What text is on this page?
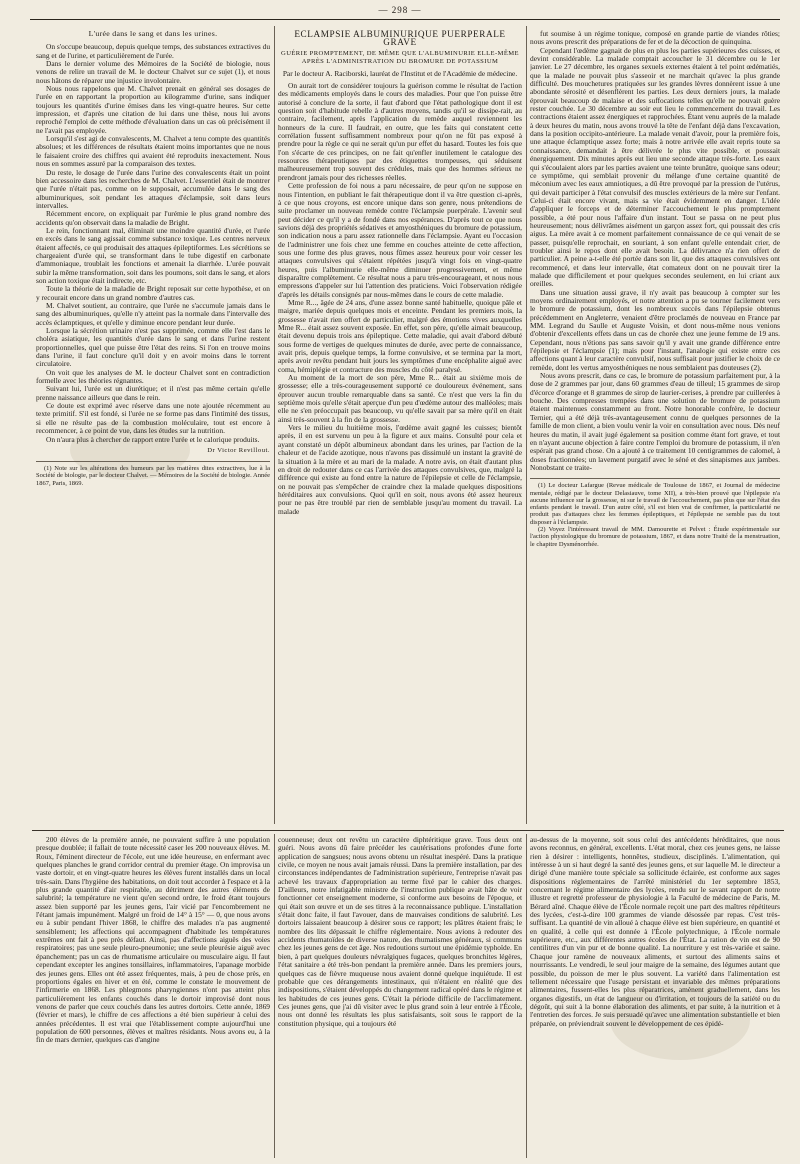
— 298 —
L'urée dans le sang et dans les urines.

On s'occupe beaucoup, depuis quelque temps, des substances extractives du sang et de l'urine, et particulièrement de l'urée.

Dans le dernier volume des Mémoires de la Société de biologie, nous venons de relire un travail de M. le docteur Chalvet sur ce sujet (1), et nous nous hâtons de réparer une injustice involontaire.

Nous nous rappelons que M. Chalvet prenait en général ses dosages de l'urée en en rapportant la proportion au kilogramme d'urine, sans indiquer toujours les quantités d'urine émises dans les vingt-quatre heures. Sur cette impression, et d'après une citation de lui dans une thèse, nous lui avons reproché l'emploi de cette méthode d'évaluation dans un cas où précisément il ne l'avait pas employée.

Lorsqu'il s'est agi de convalescents, M. Chalvet a tenu compte des quantités absolues; et les différences de résultats étaient moins importantes que ne nous le faisaient croire des chiffres qui avaient été reproduits inexactement. Nous nous en sommes assuré par la comparaison des textes.

Du reste, le dosage de l'urée dans l'urine des convalescents était un point bien accessoire dans les recherches de M. Chalvet. L'essentiel était de montrer que l'urée n'était pas, comme on le supposait, accumulée dans le sang des albuminuriques, soit pendant les attaques d'éclampsie, soit dans leurs intervalles.

Récemment encore, on expliquait par l'urémie le plus grand nombre des accidents qu'on observait dans la maladie de Bright.

Le rein, fonctionnant mal, éliminait une moindre quantité d'urée, et l'urée en excès dans le sang agissait comme substance toxique. Les centres nerveux étaient affectés, ce qui produisait des attaques épileptiformes. Les sécrétions se chargeaient d'urée qui, se transformant dans le tube digestif en carbonate d'ammoniaque, troublait les fonctions et amenait la diarrhée. L'urée pouvait subir la même transformation, soit dans les poumons, soit dans le sang, et alors son action toxique était indirecte, etc.

Toute la théorie de la maladie de Bright reposait sur cette hypothèse, et on y recourait encore dans un grand nombre d'autres cas.

M. Chalvet soutient, au contraire, que l'urée ne s'accumule jamais dans le sang des albuminuriques, qu'elle n'y atteint pas la normale dans l'intervalle des accès éclamptiques, et qu'elle y diminue encore pendant leur durée.

Lorsque la sécrétion urinaire n'est pas supprimée, comme elle l'est dans le choléra asiatique, les quantités d'urée dans le sang et dans l'urine restent proportionnelles, quel que puisse être l'état des reins. Si l'on en trouve moins dans l'urine, il faut conclure qu'il doit y en avoir moins dans le torrent circulatoire.

On voit que les analyses de M. le docteur Chalvet sont en contradiction formelle avec les théories régnantes.

Suivant lui, l'urée est un diurétique; et il n'est pas même certain qu'elle prenne naissance ailleurs que dans le rein.

Ce doute est exprimé avec réserve dans une note ajoutée récemment au texte primitif. S'il est fondé, si l'urée ne se forme pas dans l'intimité des tissus, si elle ne résulte pas de la combustion moléculaire, tout est encore à recommencer, à ce point de vue, dans les études sur la nutrition.

On n'aura plus à chercher de rapport entre l'urée et le calorique produits.

Dr Victor Revillout.

(1) Note sur les altérations des humeurs par les matières dites extractives, lue à la Société de biologie, par le docteur Chalvet. — Mémoires de la Société de biologie. Année 1867, Paris, 1869.

ÉCLAMPSIE ALBUMINURIQUE PUERPÉRALE GRAVE
GUÉRIE PROMPTEMENT, DE MÊME QUE L'ALBUMINURIE ELLE-MÊME APRÈS L'ADMINISTRATION DU BROMURE DE POTASSIUM
Par le docteur A. Raciborski, lauréat de l'Institut et de l'Académie de médecine.

On aurait tort de considérer toujours la guérison comme le résultat de l'action des médicaments employés dans le cours des maladies. Pour que l'on puisse être autorisé à conclure de la sorte, il faut d'abord que l'état pathologique dont il est question soit d'habitude rebelle à d'autres moyens, tandis qu'il se dissipe-rait, au contraire, facilement, après l'application du remède auquel reviennent les honneurs de la cure. Il faudrait, en outre, que les faits qui constatent cette corrélation fussent suffisamment nombreux pour qu'on ne fût pas exposé à prendre pour la règle ce qui ne serait qu'un pur effet du hasard. Toutes les fois que l'on s'écarte de ces principes, on ne fait qu'enfler inutilement le catalogue des ressources thérapeutiques par des étiquettes trompeuses, qui séduisent malheureusement trop souvent des crédules, mais que des hommes sérieux ne prendront jamais pour des richesses réelles.

Cette profession de foi nous a paru nécessaire, de peur qu'on ne suppose en nous l'intention, en publiant le fait thérapeutique dont il va être question ci-après, à ce que nous croyons, est encore unique dans son genre, nous prétendions de suite proclamer un nouveau remède contre l'éclampsie puerpérale. L'avenir seul peut décider ce qu'il y a de fondé dans nos espérances. D'après tout ce que nous savions déjà des propriétés sédatives et amyosthéniques du bromure de potassium, son indication nous a paru assez rationnelle dans l'éclampsie. Ayant eu l'occasion de l'administrer une fois chez une femme en couches atteinte de cette affection, sous une forme des plus graves, nous fûmes assez heureux pour voir cesser les attaques convulsives qui s'étaient répétées jusqu'à vingt fois en vingt-quatre heures, puis l'albuminurie elle-même diminuer progressivement, et même disparaître complètement. Ce résultat nous a paru très-encourageant, et nous nous empressons d'appeler sur lui l'attention des praticiens. Voici l'observation rédigée d'après les détails consignés par nous-mêmes dans le cours de cette maladie.

Mme R..., âgée de 24 ans, d'une assez bonne santé habituelle, quoique pâle et maigre, mariée depuis quelques mois et enceinte. Pendant les premiers mois, la grossesse n'avait rien offert de particulier, malgré des émotions vives auxquelles Mme R... était assez souvent exposée. En effet, son père, qu'elle aimait beaucoup, était devenu depuis trois ans épileptique. Cette maladie, qui avait d'abord débuté sous forme de vertiges de quelques minutes de durée, avec perte de connaissance, avait pris, depuis quelque temps, la forme convulsive, et se termina par la mort, après avoir revêtu pendant huit jours les symptômes d'une encéphalite aiguë avec coma, hémiplégie et contracture des muscles du côté paralysé.

Au moment de la mort de son père, Mme R... était au sixième mois de grossesse; elle a très-courageusement supporté ce douloureux événement, sans éprouver aucun trouble remarquable dans sa santé. Ce n'est que vers la fin du septième mois qu'elle s'était aperçue d'un peu d'œdème autour des malléoles; mais elle ne s'en préoccupait pas beaucoup, vu qu'elle savait par sa mère qu'il en était ainsi très-souvent à la fin de la grossesse.

Vers le milieu du huitième mois, l'œdème avait gagné les cuisses; bientôt après, il en est survenu un peu à la figure et aux mains. Consulté pour cela et ayant constaté un dépôt albumineux abondant dans les urines, par l'action de la chaleur et de l'acide azotique, nous n'avons pas dissimulé un instant la gravité de la situation à la mère et au mari de la malade. A notre avis, on était d'autant plus en droit de redouter dans ce cas l'arrivée des attaques convulsives, que, malgré la différence qui existe au fond entre la nature de l'épilepsie et celle de l'éclampsie, on ne pouvait pas s'empêcher de craindre chez la malade quelques dispositions héréditaires aux convulsions. Quoi qu'il en soit, nous avons été assez heureux pour ne pas être troublé par rien de semblable jusqu'au moment du travail. La malade

fut soumise à un régime tonique, composé en grande partie de viandes rôties; nous avons prescrit des préparations de fer et de la décoction de quinquina.

Cependant l'œdème gagnait de plus en plus les parties supérieures des cuisses, et devint considérable. La malade comptait accoucher le 31 décembre ou le 1er janvier. Le 27 décembre, les organes sexuels externes étaient à tel point œdématiés, que la malade ne pouvait plus s'asseoir et ne marchait qu'avec la plus grande difficulté. Des mouchetures pratiquées sur les grandes lèvres donnèrent issue à une abondante sérosité et désenflèrent les parties. Les deux derniers jours, la malade éprouvait beaucoup de malaise et des suffocations telles qu'elle ne pouvait guère rester couchée. Le 30 décembre au soir eut lieu le commencement du travail. Les contractions étaient assez énergiques et rapprochées. Étant venu auprès de la malade à deux heures du matin, nous avons trouvé la tête de l'enfant déjà dans l'excavation, dans la position occipito-antérieure. La malade venait d'avoir, pour la première fois, une attaque éclamptique assez forte; mais à notre arrivée elle avait repris toute sa connaissance, demandait à être délivrée le plus vite possible, et poussait énergiquement. Dix minutes après eut lieu une seconde attaque très-forte. Les eaux qui s'écoulaient alors par les parties avaient une teinte brunâtre, quoique sans odeur; ce symptôme, qui semblait provenir du mélange d'une certaine quantité de méconium avec les eaux amniotiques, a dû être provoqué par la pression de l'utérus, qui devait participer à l'état convulsif des muscles extérieurs de la mère sur l'enfant. Celui-ci était encore vivant, mais sa vie était évidemment en danger. L'idée d'appliquer le forceps et de déterminer l'accouchement le plus promptement possible, a été pour nous l'affaire d'un instant. Tout se passa on ne peut plus heureusement; nous délivrâmes aisément un garçon assez fort, qui poussait des cris aigus. La mère avait à ce moment parfaitement connaissance de ce qui venait de se passer, puisqu'elle reprochait, en souriant, à son enfant qu'elle entendait crier, de troubler ainsi le repos dont elle avait besoin. La délivrance n'a rien offert de particulier. A peine a-t-elle été portée dans son lit, que des attaques convulsives ont recommencé, et dans leur intervalle, état comateux dont on ne pouvait tirer la malade que difficilement et pour quelques secondes seulement, en lui criant aux oreilles.

Dans une situation aussi grave, il n'y avait pas beaucoup à compter sur les moyens ordinairement employés, et notre attention a pu se tourner facilement vers le bromure de potassium, dont les nombreux succès dans l'épilepsie obtenus précédemment en Angleterre, venaient d'être proclamés de nouveau en France par MM. Legrand du Saulle et Auguste Voisin, et dont nous-même nous venions d'obtenir d'excellents effets dans un cas de chorée chez une jeune femme de 19 ans. Cependant, nous n'étions pas sans savoir qu'il y avait une grande différence entre l'épilepsie et l'éclampsie (1); mais pour l'instant, l'analogie qui existe entre ces affections quant à leur caractère convulsif, nous suffisait pour justifier le choix de ce remède, dont les vertus amyosthéniques ne nous semblaient pas douteuses (2).

Nous avons prescrit, dans ce cas, le bromure de potassium parfaitement pur, à la dose de 2 grammes par jour, dans 60 grammes d'eau de tilleul; 15 grammes de sirop d'écorce d'orange et 8 grammes de sirop de laurier-cerises, à prendre par cuillerées à bouche. Des compresses trempées dans une solution de bromure de potassium étaient maintenues constamment au front. Notre honorable confrère, le docteur Ternier, qui a été déjà très-avantageusement connu de quelques personnes de la famille de mon client, a bien voulu venir la voir en consultation avec nous. Dès neuf heures du matin, il avait jugé également sa position comme étant fort grave, et tout en n'ayant aucune objection à faire contre l'emploi du bromure de potassium, il n'en espérait pas grand chose. On a ajouté à ce traitement 10 centigrammes de calomel, à doses fractionnées; un lavement purgatif avec le séné et des sinapismes aux jambes. Nonobstant ce traite-

(1) Le docteur Lafargue (Revue médicale de Toulouse de 1867, et Journal de médecine mentale, rédigé par le docteur Delasiauve, tome XII), a très-bien prouvé que l'épilepsie n'a aucune influence sur la grossesse, ni sur le travail de l'accouchement, pas plus que sur l'état des enfants pendant le travail. D'un autre côté, s'il est bien vrai de confirmer, la particularité ne produit pas d'attaques chez les femmes épileptiques, et l'épilepsie ne semble pas du tout disposer à l'éclampsie.

(2) Voyez l'intéressant travail de MM. Damourette et Pelvet : Étude expérimentale sur l'action physiologique du bromure de potassium, 1867, et dans notre Traité de la menstruation, le chapitre Dysménorrhée.

200 élèves de la première année, ne pouvaient suffire à une population presque doublée; il fallait de toute nécessité caser les 200 nouveaux élèves. M. Roux, l'éminent directeur de l'école, eut une idée heureuse, en enfermant avec quelques planches le grand corridor central du premier étage. On improvisa un vaste dortoir, et en vingt-quatre heures les élèves furent installés dans un local très-sain. Dans l'hygiène des habitations, on doit tout accorder à l'espace et à la plus grande quantité d'air respirable, au détriment des autres éléments de salubrité; la température ne vient qu'en second ordre, le froid étant toujours assez bien supporté par les jeunes gens, l'air vicié par l'encombrement ne l'étant jamais impunément. Malgré un froid de 14° à 15° — 0, que nous avons eu à subir pendant l'hiver 1868, le chiffre des malades n'a pas augmenté sensiblement; les affections qui accompagnent d'habitude les températures extrêmes ont fait à peu près défaut. Ainsi, pas d'affections aiguës des voies respiratoires; pas une seule pleuro-pneumonie; une seule pleurésie aiguë avec épanchement; pas un cas de rhumatisme articulaire ou musculaire aigu. Il faut cependant excepter les angines tonsillaires, inflammatoires, l'apanage morbide des jeunes gens. Elles ont été assez fréquentes, mais, à peu de chose près, en proportions égales en hiver et en été, comme le constate le mouvement de l'infirmerie en 1868. Les phlegmons pharyngiennes n'ont pas atteint plus particulièrement les enfants couchés dans le dortoir improvisé dont nous venons de parler que ceux couchés dans les autres dortoirs. Cette année, 1869 (février et mars), le chiffre de ces affections a été bien supérieur à celui des années précédentes. Il est vrai que l'établissement compte aujourd'hui une population de 600 personnes, élèves et maîtres résidants. Nous avons eu, à la fin de mars dernier, quelques cas d'angine

couenneuse; deux ont revêtu un caractère diphtéritique grave. Tous deux ont guéri. Nous avons dû faire précéder les cautérisations profondes d'une forte application de sangsues; nous avons obtenu un résultat inespéré. Dans la pratique civile, ce moyen ne nous avait jamais réussi. Dans la première installation, par des circonstances indépendantes de l'administration supérieure, l'entreprise n'avait pas achevé les travaux d'appropriation au terme fixé par le cahier des charges. D'ailleurs, notre infatigable ministre de l'instruction publique avait hâte de voir fonctionner cet enseignement moderne, si conforme aux besoins de l'époque, et qui était son œuvre et un de ses titres à la reconnaissance publique. L'installation s'était donc faite, il faut l'avouer, dans de mauvaises conditions de salubrité. Les dortoirs laissaient beaucoup à désirer sous ce rapport; les plâtres étaient frais; le nombre des lits dépassait le chiffre réglementaire. Nous avions à redouter des accidents rhumatoïdes de diverse nature, des rhumatismes généraux, si communs chez les jeunes gens de cet âge. Nos redoutions surtout une épidémie typhoïde. En bien, à part quelques douleurs névralgiques fugaces, quelques bronchites légères, l'état sanitaire a été très-bon pendant la première année. Dans les premiers jours, quelques cas de fièvre muqueuse nous avaient donné quelque inquiétude. Il est probable que ces dérangements intestinaux, qui n'étaient en réalité que des indispositions, s'étaient développés du changement radical opéré dans le régime et les habitudes de ces jeunes gens. C'était la période difficile de l'acclimatement. Ces jeunes gens, que j'ai dû visiter avec le plus grand soin à leur entrée à l'École, nous ont donné les résultats les plus satisfaisants, soit sous le rapport de la constitution physique, qui a toujours été

au-dessus de la moyenne, soit sous celui des antécédents héréditaires, que nous avons reconnus, en général, excellents. L'état moral, chez ces jeunes gens, ne laisse rien à désirer : intelligents, honnêtes, studieux, disciplinés. L'alimentation, qui intéresse à un si haut degré la santé des jeunes gens, et sur laquelle M. le directeur a dirigé d'une manière toute spéciale sa sollicitude éclairée, est conforme aux sages dispositions réglementaires de l'arrêté ministériel du 1er septembre 1853, concernant le régime alimentaire des lycées, rendu sur le savant rapport de notre illustre et regretté professeur de physiologie à la Faculté de médecine de Paris, M. Bérard aîné. Chaque élève de l'École normale reçoit une part des maîtres répétiteurs des lycées, c'est-à-dire 100 grammes de viande désossée par repas. C'est très-suffisant. La quantité de vin alloué à chaque élève est bien supérieure, en quantité et en qualité, à celle qui est donnée à l'École polytechnique, à l'École normale supérieure, etc., aux différentes autres écoles de l'État. La ration de vin est de 90 centilitres d'un vin pur et de bonne qualité. La nourriture y est très-variée et saine. Chaque jour ramène de nouveaux aliments, et surtout des aliments sains et nourrissants. Le vendredi, le seul jour maigre de la semaine, des légumes autant que possible, du poisson de mer le plus souvent. La variété dans l'alimentation est tellement nécessaire que l'usage persistant et invariable des mêmes préparations alimentaires, fussent-elles les plus réparatrices, amènent graduellement, dans les organes digestifs, un état de langueur ou d'irritation, et toujours de la satiété ou du dégoût, qui suit à la bonne élaboration des aliments, et par suite, à la nutrition et à l'entretien des forces. Je suis persuadé qu'avec une alimentation substantielle et bien préparée, on préviendrait souvent le développement de ces épidé-
